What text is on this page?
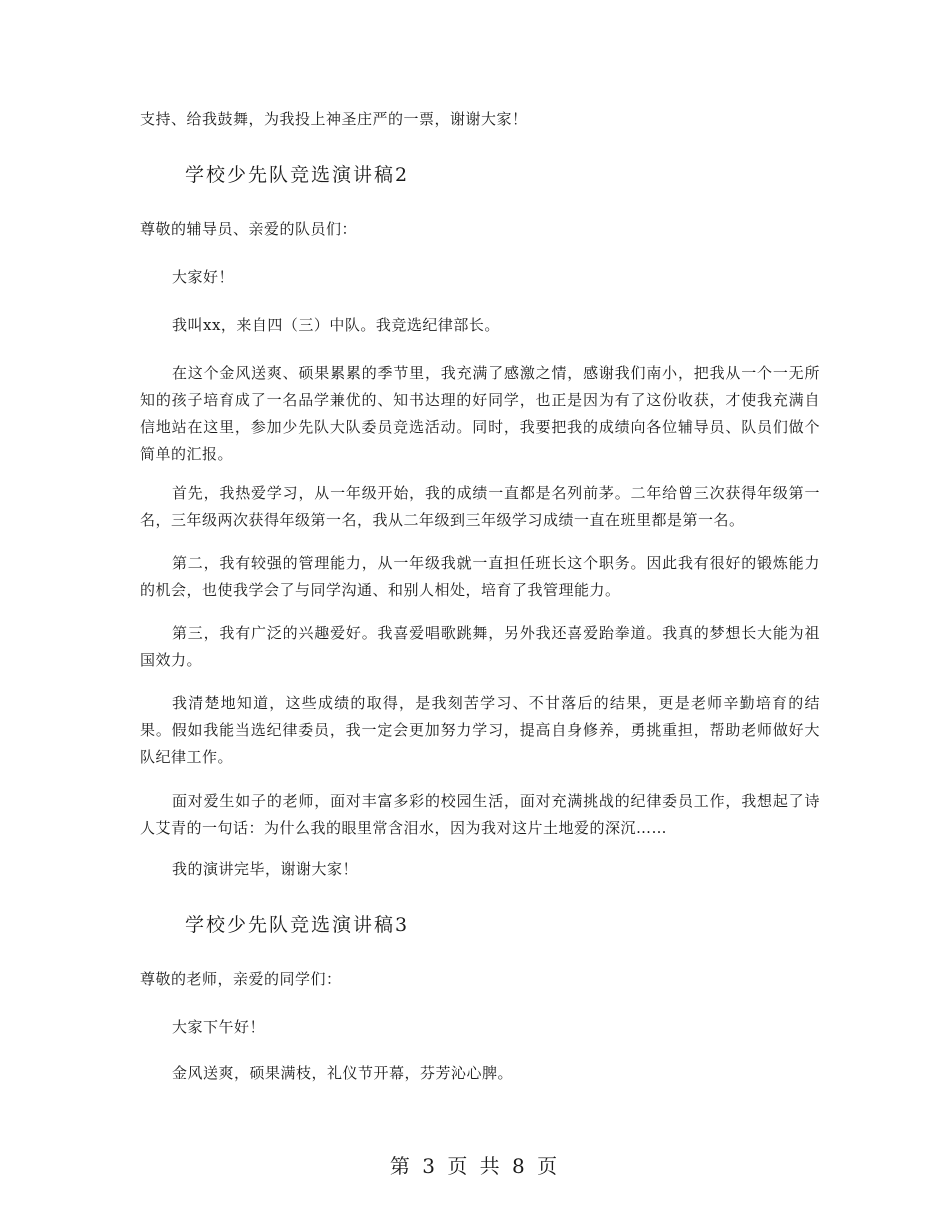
支持、给我鼓舞，为我投上神圣庄严的一票，谢谢大家！

学校少先队竞选演讲稿2

尊敬的辅导员、亲爱的队员们：

大家好！

我叫xx，来自四（三）中队。我竞选纪律部长。

在这个金风送爽、硕果累累的季节里，我充满了感激之情，感谢我们南小，把我从一个一无所知的孩子培育成了一名品学兼优的、知书达理的好同学，也正是因为有了这份收获，才使我充满自信地站在这里，参加少先队大队委员竞选活动。同时，我要把我的成绩向各位辅导员、队员们做个简单的汇报。

首先，我热爱学习，从一年级开始，我的成绩一直都是名列前茅。二年给曾三次获得年级第一名，三年级两次获得年级第一名，我从二年级到三年级学习成绩一直在班里都是第一名。

第二，我有较强的管理能力，从一年级我就一直担任班长这个职务。因此我有很好的锻炼能力的机会，也使我学会了与同学沟通、和别人相处，培育了我管理能力。

第三，我有广泛的兴趣爱好。我喜爱唱歌跳舞，另外我还喜爱跆拳道。我真的梦想长大能为祖国效力。

我清楚地知道，这些成绩的取得，是我刻苦学习、不甘落后的结果，更是老师辛勤培育的结果。假如我能当选纪律委员，我一定会更加努力学习，提高自身修养，勇挑重担，帮助老师做好大队纪律工作。

面对爱生如子的老师，面对丰富多彩的校园生活，面对充满挑战的纪律委员工作，我想起了诗人艾青的一句话：为什么我的眼里常含泪水，因为我对这片土地爱的深沉……

我的演讲完毕，谢谢大家！

学校少先队竞选演讲稿3

尊敬的老师，亲爱的同学们：

大家下午好！

金风送爽，硕果满枝，礼仪节开幕，芬芳沁心脾。

第 3 页 共 8 页
